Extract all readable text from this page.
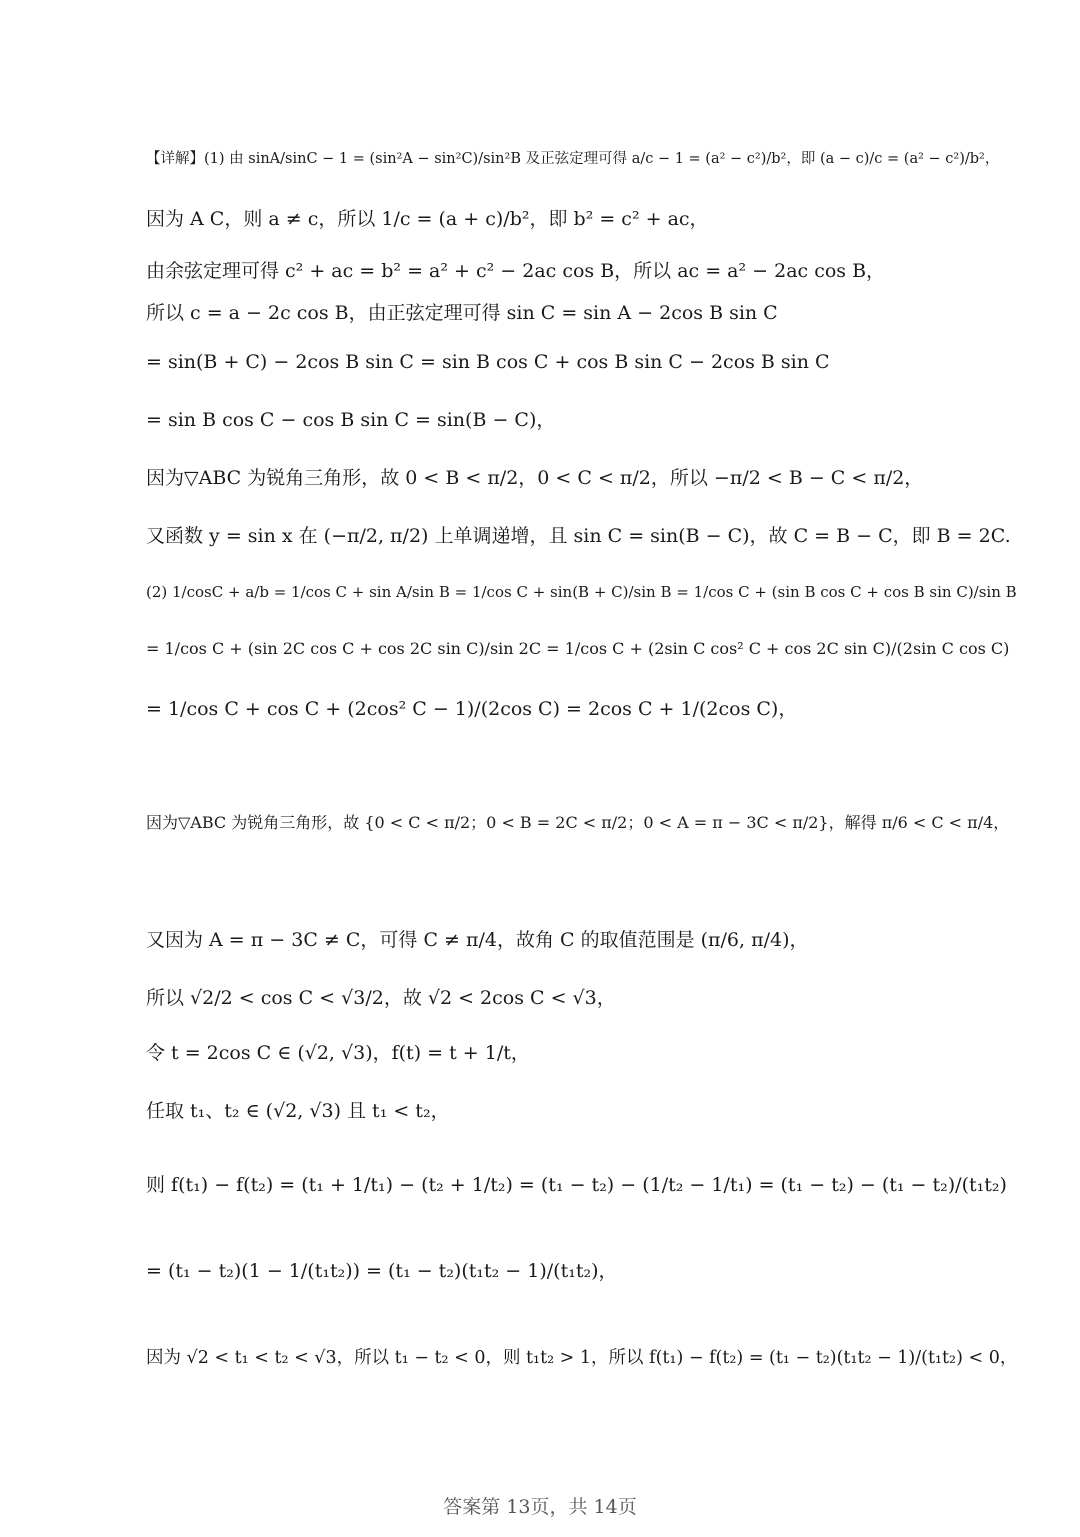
【详解】(1) 由 sinA/sinC − 1 = (sin²A − sin²C)/sin²B 及正弦定理可得 a/c − 1 = (a² − c²)/b²，即 (a − c)/c = (a² − c²)/b²，
因为 A C，则 a ≠ c，所以 1/c = (a + c)/b²，即 b² = c² + ac，
由余弦定理可得 c² + ac = b² = a² + c² − 2ac cos B，所以 ac = a² − 2ac cos B，
所以 c = a − 2c cos B，由正弦定理可得 sin C = sin A − 2cos B sin C
= sin(B + C) − 2cos B sin C = sin B cos C + cos B sin C − 2cos B sin C
= sin B cos C − cos B sin C = sin(B − C)，
因为▽ABC 为锐角三角形，故 0 < B < π/2，0 < C < π/2，所以 −π/2 < B − C < π/2，
又函数 y = sin x 在 (−π/2, π/2) 上单调递增，且 sin C = sin(B − C)，故 C = B − C，即 B = 2C.
(2) 1/cosC + a/b = 1/cos C + sin A/sin B = 1/cos C + sin(B + C)/sin B = 1/cos C + (sin B cos C + cos B sin C)/sin B
= 1/cos C + (sin 2C cos C + cos 2C sin C)/sin 2C = 1/cos C + (2sin C cos² C + cos 2C sin C)/(2sin C cos C)
= 1/cos C + cos C + (2cos² C − 1)/(2cos C) = 2cos C + 1/(2cos C)，
因为▽ABC 为锐角三角形，故 {0 < C < π/2；0 < B = 2C < π/2；0 < A = π − 3C < π/2}，解得 π/6 < C < π/4，
又因为 A = π − 3C ≠ C，可得 C ≠ π/4，故角 C 的取值范围是 (π/6, π/4)，
所以 √2/2 < cos C < √3/2，故 √2 < 2cos C < √3，
令 t = 2cos C ∈ (√2, √3)，f(t) = t + 1/t，
任取 t₁、t₂ ∈ (√2, √3) 且 t₁ < t₂，
则 f(t₁) − f(t₂) = (t₁ + 1/t₁) − (t₂ + 1/t₂) = (t₁ − t₂) − (1/t₂ − 1/t₁) = (t₁ − t₂) − (t₁ − t₂)/(t₁t₂)
= (t₁ − t₂)(1 − 1/(t₁t₂)) = (t₁ − t₂)(t₁t₂ − 1)/(t₁t₂)，
因为 √2 < t₁ < t₂ < √3，所以 t₁ − t₂ < 0，则 t₁t₂ > 1，所以 f(t₁) − f(t₂) = (t₁ − t₂)(t₁t₂ − 1)/(t₁t₂) < 0，
答案第 13页，共 14页
